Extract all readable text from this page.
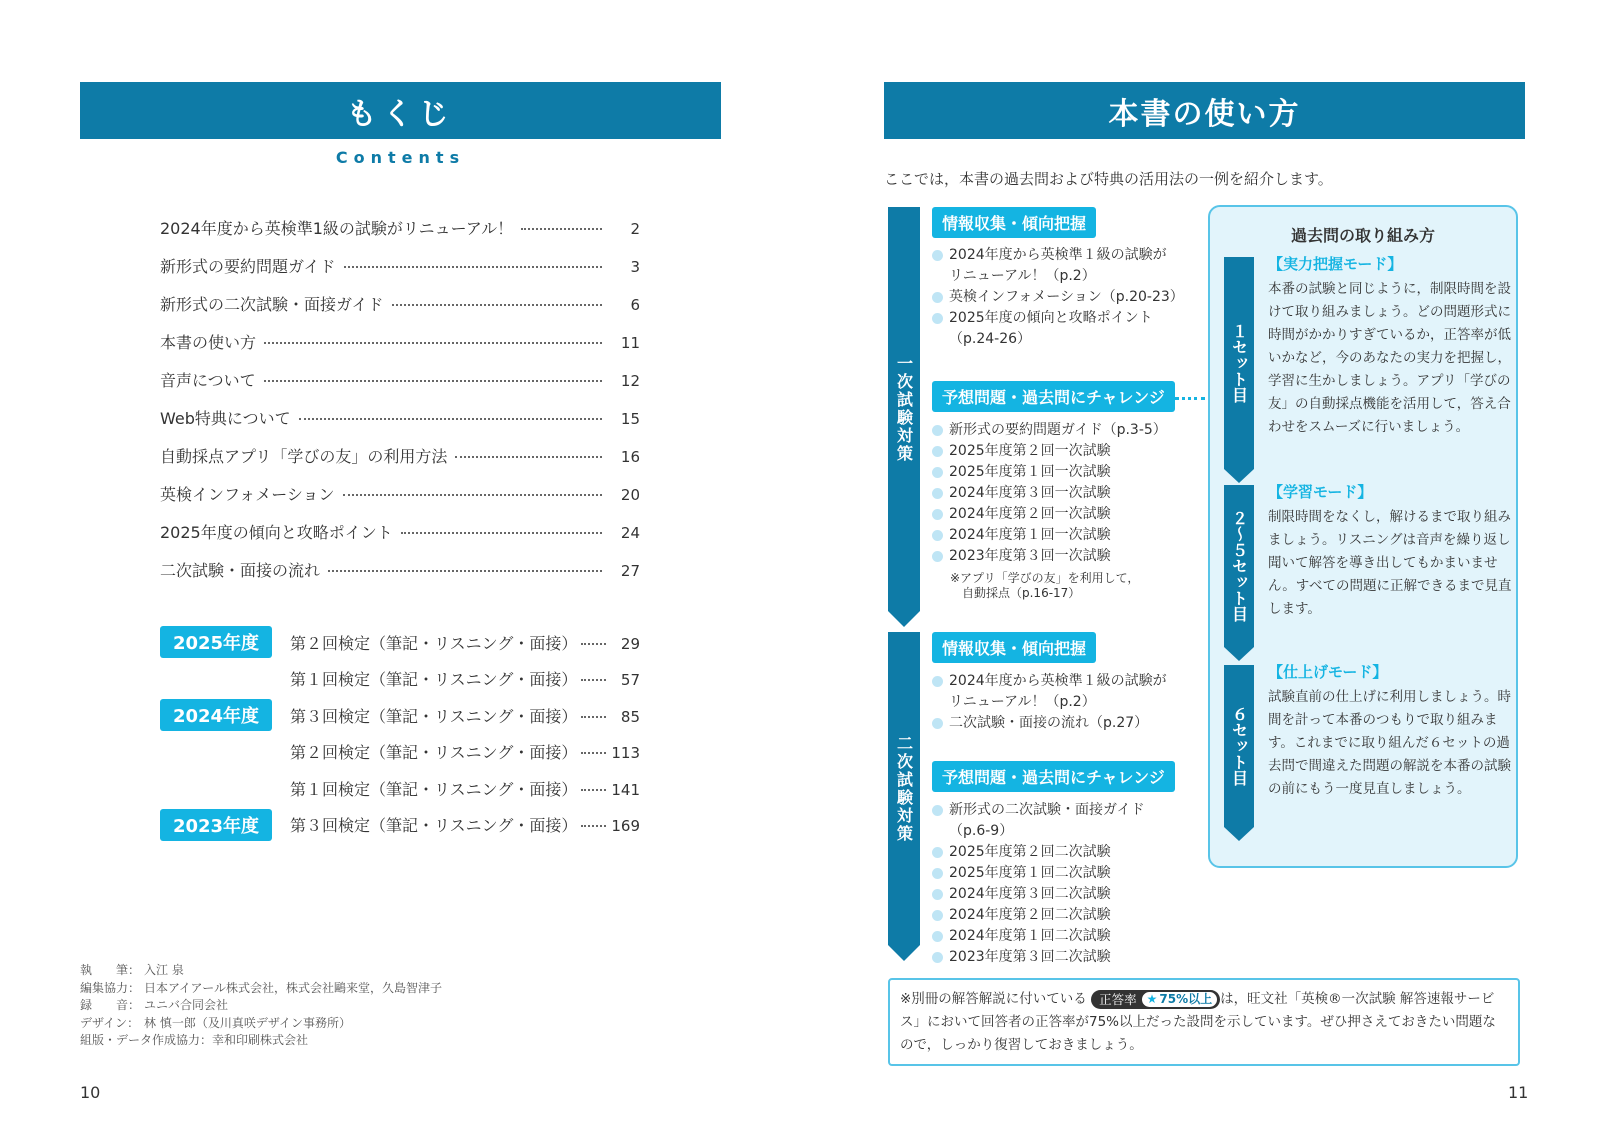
もくじ
Contents
2024年度から英検準1級の試験がリニューアル！	2
新形式の要約問題ガイド	3
新形式の二次試験・面接ガイド	6
本書の使い方	11
音声について	12
Web特典について	15
自動採点アプリ「学びの友」の利用方法	16
英検インフォメーション	20
2025年度の傾向と攻略ポイント	24
二次試験・面接の流れ	27
2025年度	第２回検定（筆記・リスニング・面接）	29
第１回検定（筆記・リスニング・面接）	57
2024年度	第３回検定（筆記・リスニング・面接）	85
第２回検定（筆記・リスニング・面接） 113
第１回検定（筆記・リスニング・面接） 141
2023年度	第３回検定（筆記・リスニング・面接） 169
執　　筆： 入江 泉
編集協力： 日本アイアール株式会社，株式会社鷗来堂，久島智津子
録　　音： ユニバ合同会社
デザイン： 林 慎一郎（及川真咲デザイン事務所）
組版・データ作成協力： 幸和印刷株式会社
10
本書の使い方
ここでは，本書の過去問および特典の活用法の一例を紹介します。
11
一次試験対策
二次試験対策
情報収集・傾向把握
2024年度から英検準１級の試験が
リニューアル！（p.2）
英検インフォメーション（p.20-23）
2025年度の傾向と攻略ポイント
（p.24-26）
予想問題・過去問にチャレンジ
新形式の要約問題ガイド（p.3-5）
2025年度第２回一次試験
2025年度第１回一次試験
2024年度第３回一次試験
2024年度第２回一次試験
2024年度第１回一次試験
2023年度第３回一次試験
※アプリ「学びの友」を利用して，
　自動採点（p.16-17）
情報収集・傾向把握
2024年度から英検準１級の試験が
リニューアル！（p.2）
二次試験・面接の流れ（p.27）
予想問題・過去問にチャレンジ
新形式の二次試験・面接ガイド
（p.6-9）
2025年度第２回二次試験
2025年度第１回二次試験
2024年度第３回二次試験
2024年度第２回二次試験
2024年度第１回二次試験
2023年度第３回二次試験
過去問の取り組み方
１セット目
【実力把握モード】
本番の試験と同じように，制限時間を設けて取り組みましょう。どの問題形式に時間がかかりすぎているか，正答率が低いかなど，今のあなたの実力を把握し，学習に生かしましょう。アプリ「学びの友」の自動採点機能を活用して，答え合わせをスムーズに行いましょう。
２〜５セット目
【学習モード】
制限時間をなくし，解けるまで取り組みましょう。リスニングは音声を繰り返し聞いて解答を導き出してもかまいません。すべての問題に正解できるまで見直します。
６セット目
【仕上げモード】
試験直前の仕上げに利用しましょう。時間を計って本番のつもりで取り組みます。これまでに取り組んだ６セットの過去問で間違えた問題の解説を本番の試験の前にもう一度見直しましょう。
※別冊の解答解説に付いている 正答率 ★ 75%以上 は，旺文社「英検®一次試験 解答速報サービス」において回答者の正答率が75%以上だった設問を示しています。ぜひ押さえておきたい問題なので，しっかり復習しておきましょう。
